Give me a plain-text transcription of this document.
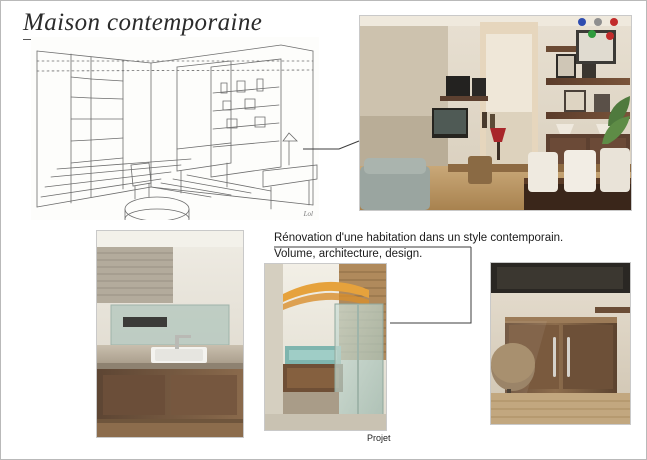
Maison contemporaine
Lol
Rénovation d'une habitation dans un style contemporain.
Volume, architecture, design.
Projet
